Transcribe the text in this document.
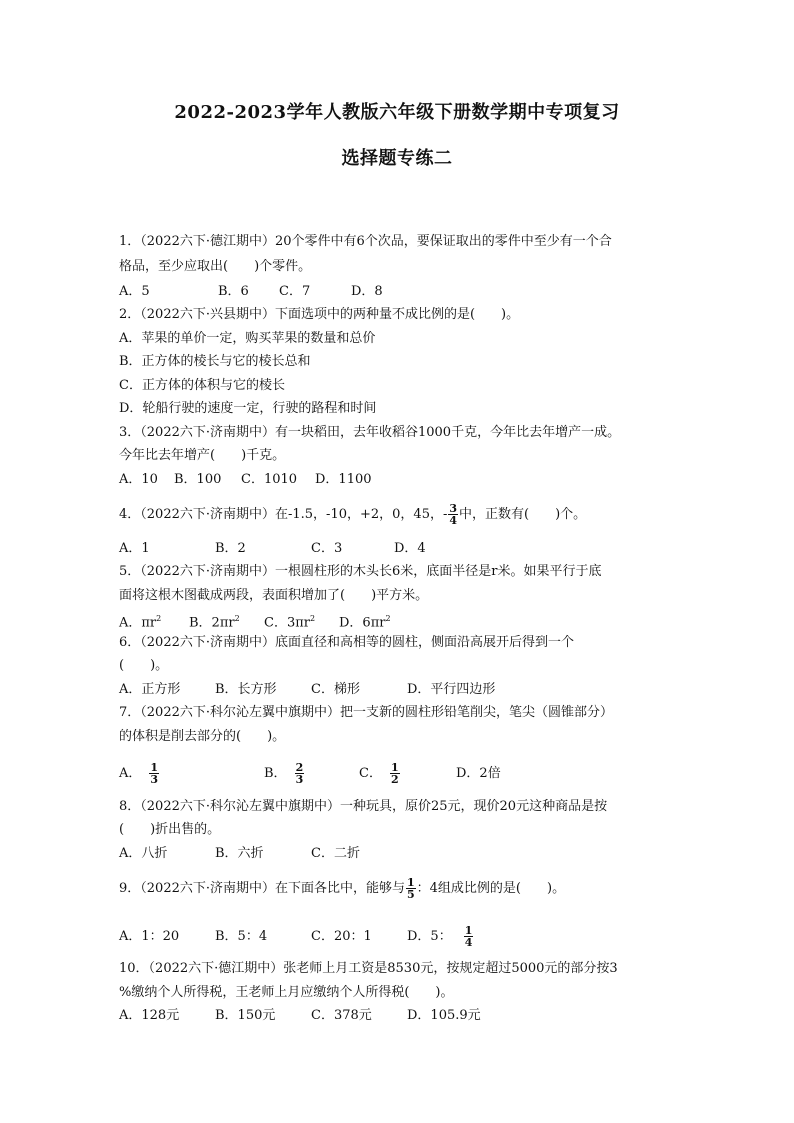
2022-2023学年人教版六年级下册数学期中专项复习
选择题专练二
1．（2022六下·德江期中）20个零件中有6个次品，要保证取出的零件中至少有一个合
格品，至少应取出(　　)个零件。
A．5	B．6 C．7	D．8
2．（2022六下·兴县期中）下面选项中的两种量不成比例的是(　　)。
A．苹果的单价一定，购买苹果的数量和总价
B．正方体的棱长与它的棱长总和
C．正方体的体积与它的棱长
D．轮船行驶的速度一定，行驶的路程和时间
3．（2022六下·济南期中）有一块稻田，去年收稻谷1000千克，今年比去年增产一成。
今年比去年增产(　　)千克。
A．10 B．100 C．1010 D．1100
4．（2022六下·济南期中）在-1.5，-10，+2，0，45，- $\frac{3}{4}$ 中，正数有(　　)个。
A．1	B．2	C．3	D．4
5．（2022六下·济南期中）一根圆柱形的木头长6米，底面半径是r米。如果平行于底
面将这根木图截成两段，表面积增加了(　　)平方米。
A．$\pi r^2$ B．$2\pi r^2$ C．$3\pi r^2$ D．$6\pi r^2$
6．（2022六下·济南期中）底面直径和高相等的圆柱，侧面沿高展开后得到一个
(　　)。
A．正方形	B．长方形	C．梯形	D．平行四边形
7．（2022六下·科尔沁左翼中旗期中）把一支新的圆柱形铅笔削尖，笔尖（圆锥部分）
的体积是削去部分的(　　)。
A． $\frac{1}{3}$	B． $\frac{2}{3}$	C． $\frac{1}{2}$	D．2倍
8．（2022六下·科尔沁左翼中旗期中）一种玩具，原价25元，现价20元这种商品是按
(　　)折出售的。
A．八折	B．六折	C．二折
9．（2022六下·济南期中）在下面各比中，能够与 $\frac{1}{5}$ ：4组成比例的是(　　)。
A．1：20	B．5：4	C．20：1	D．5： $\frac{1}{4}$
10．（2022六下·德江期中）张老师上月工资是8530元，按规定超过5000元的部分按3
%缴纳个人所得税，王老师上月应缴纳个人所得税(　　)。
A．128元	B．150元	C．378元	D．105.9元
